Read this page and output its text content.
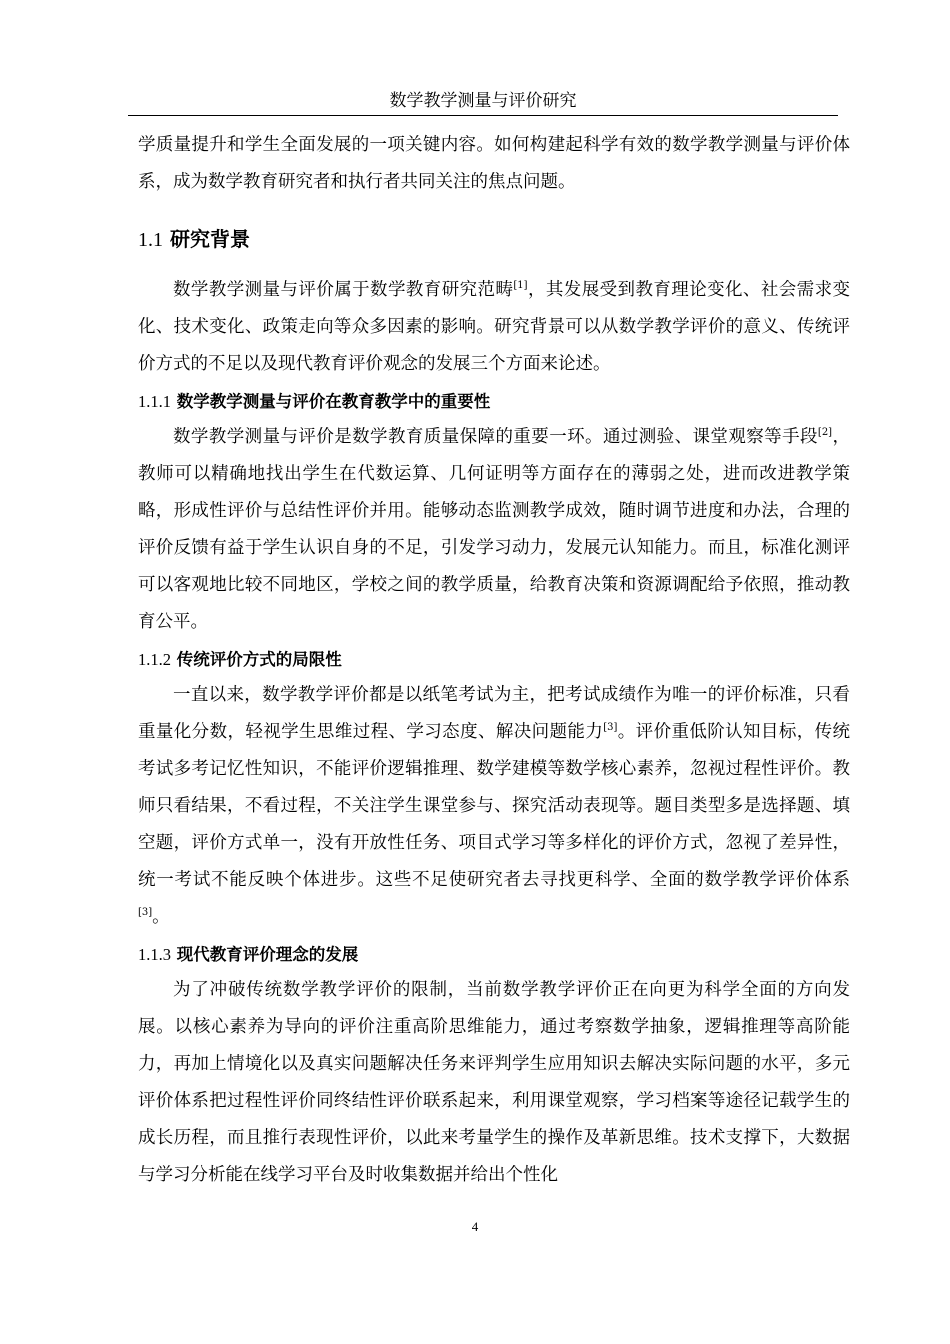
数学教学测量与评价研究

学质量提升和学生全面发展的一项关键内容。如何构建起科学有效的数学教学测量与评价体系，成为数学教育研究者和执行者共同关注的焦点问题。

1.1 研究背景

数学教学测量与评价属于数学教育研究范畴[1]，其发展受到教育理论变化、社会需求变化、技术变化、政策走向等众多因素的影响。研究背景可以从数学教学评价的意义、传统评价方式的不足以及现代教育评价观念的发展三个方面来论述。

1.1.1 数学教学测量与评价在教育教学中的重要性

数学教学测量与评价是数学教育质量保障的重要一环。通过测验、课堂观察等手段[2]，教师可以精确地找出学生在代数运算、几何证明等方面存在的薄弱之处，进而改进教学策略，形成性评价与总结性评价并用。能够动态监测教学成效，随时调节进度和办法，合理的评价反馈有益于学生认识自身的不足，引发学习动力，发展元认知能力。而且，标准化测评可以客观地比较不同地区，学校之间的教学质量，给教育决策和资源调配给予依照，推动教育公平。

1.1.2 传统评价方式的局限性

一直以来，数学教学评价都是以纸笔考试为主，把考试成绩作为唯一的评价标准，只看重量化分数，轻视学生思维过程、学习态度、解决问题能力[3]。评价重低阶认知目标，传统考试多考记忆性知识，不能评价逻辑推理、数学建模等数学核心素养，忽视过程性评价。教师只看结果，不看过程，不关注学生课堂参与、探究活动表现等。题目类型多是选择题、填空题，评价方式单一，没有开放性任务、项目式学习等多样化的评价方式，忽视了差异性，统一考试不能反映个体进步。这些不足使研究者去寻找更科学、全面的数学教学评价体系[3]。

1.1.3 现代教育评价理念的发展

为了冲破传统数学教学评价的限制，当前数学教学评价正在向更为科学全面的方向发展。以核心素养为导向的评价注重高阶思维能力，通过考察数学抽象，逻辑推理等高阶能力，再加上情境化以及真实问题解决任务来评判学生应用知识去解决实际问题的水平，多元评价体系把过程性评价同终结性评价联系起来，利用课堂观察，学习档案等途径记载学生的成长历程，而且推行表现性评价，以此来考量学生的操作及革新思维。技术支撑下，大数据与学习分析能在线学习平台及时收集数据并给出个性化

4
